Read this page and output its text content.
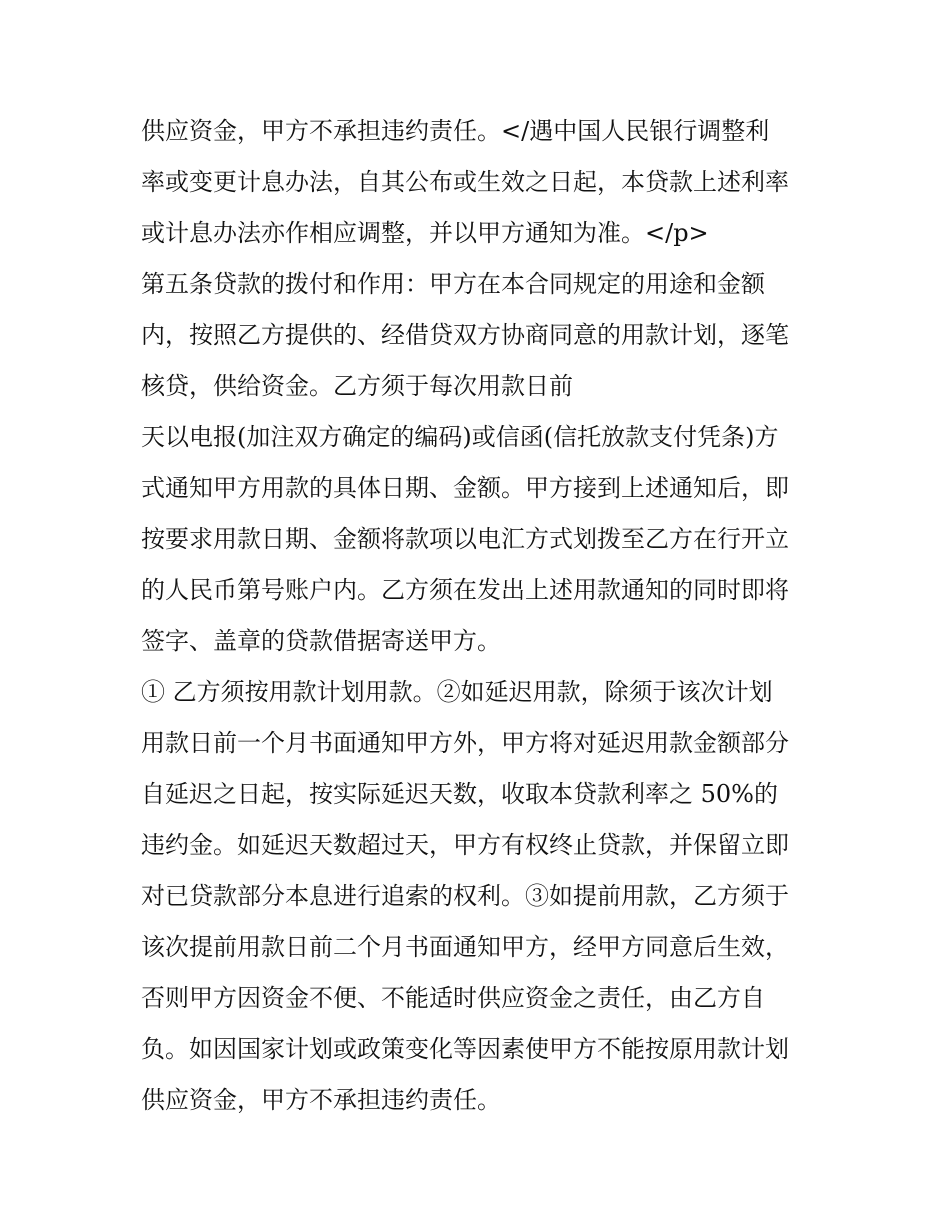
供应资金，甲方不承担违约责任。</遇中国人民银行调整利
率或变更计息办法，自其公布或生效之日起，本贷款上述利率
或计息办法亦作相应调整，并以甲方通知为准。</p>
第五条贷款的拨付和作用：甲方在本合同规定的用途和金额
内，按照乙方提供的、经借贷双方协商同意的用款计划，逐笔
核贷，供给资金。乙方须于每次用款日前
天以电报(加注双方确定的编码)或信函(信托放款支付凭条)方
式通知甲方用款的具体日期、金额。甲方接到上述通知后，即
按要求用款日期、金额将款项以电汇方式划拨至乙方在行开立
的人民币第号账户内。乙方须在发出上述用款通知的同时即将
签字、盖章的贷款借据寄送甲方。
① 乙方须按用款计划用款。②如延迟用款，除须于该次计划
用款日前一个月书面通知甲方外，甲方将对延迟用款金额部分
自延迟之日起，按实际延迟天数，收取本贷款利率之 50%的
违约金。如延迟天数超过天，甲方有权终止贷款，并保留立即
对已贷款部分本息进行追索的权利。③如提前用款，乙方须于
该次提前用款日前二个月书面通知甲方，经甲方同意后生效，
否则甲方因资金不便、不能适时供应资金之责任，由乙方自
负。如因国家计划或政策变化等因素使甲方不能按原用款计划
供应资金，甲方不承担违约责任。
